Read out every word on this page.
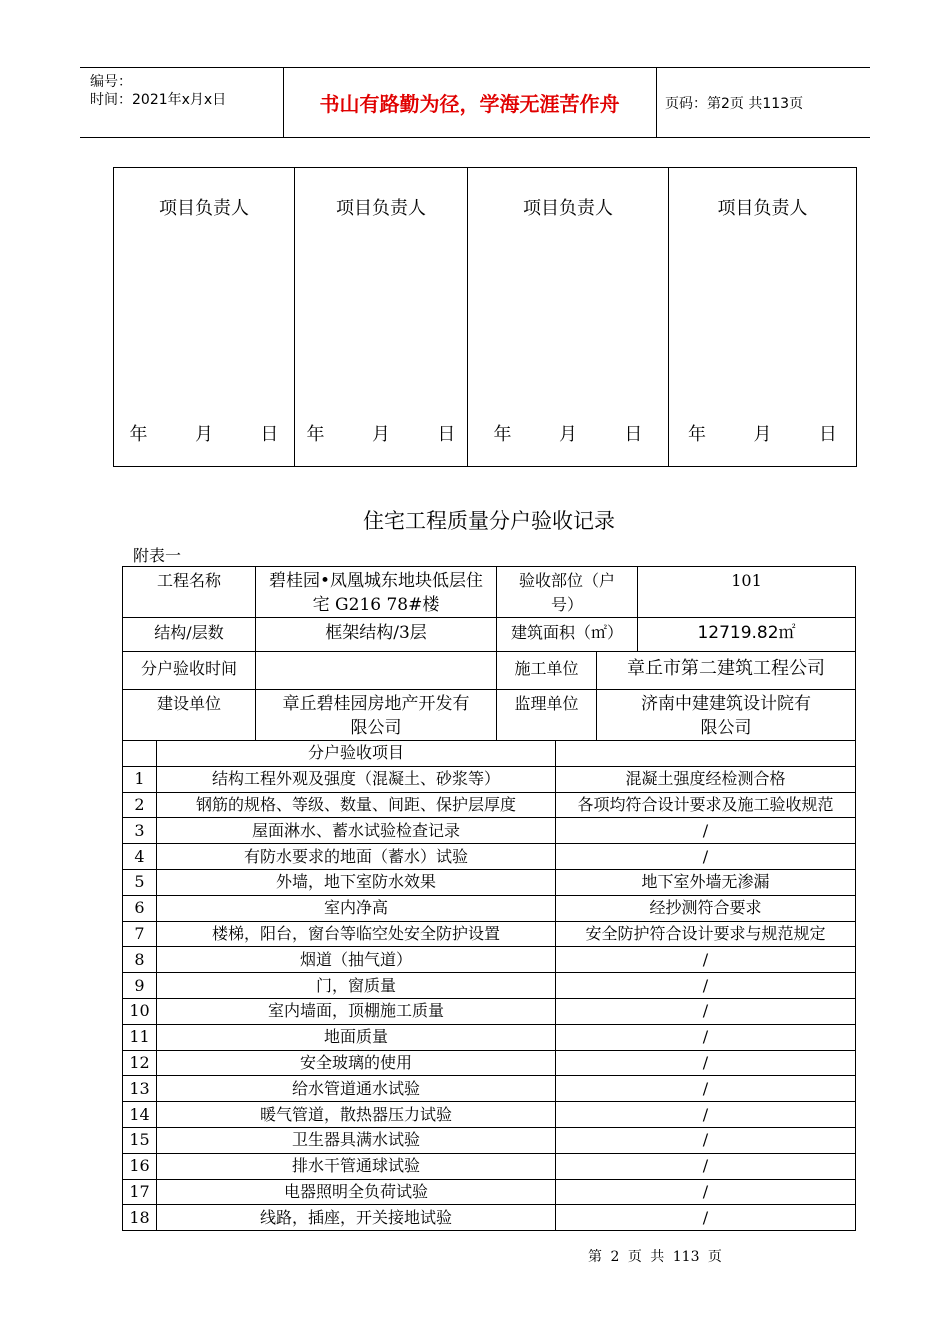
编号：
时间：2021年x月x日	书山有路勤为径，学海无涯苦作舟	页码：第2页 共113页
项目负责人
年  月  日

项目负责人
年  月  日

项目负责人
年  月  日

项目负责人
年  月  日
住宅工程质量分户验收记录
附表一
工程名称	碧桂园•凤凰城东地块低层住宅 G216 78#楼	验收部位（户号）	101
结构/层数	框架结构/3层	建筑面积（㎡）	12719.82㎡
分户验收时间		施工单位	章丘市第二建筑工程公司
建设单位	章丘碧桂园房地产开发有限公司	监理单位	济南中建建筑设计院有限公司
	分户验收项目	
1	结构工程外观及强度（混凝土、砂浆等）	混凝土强度经检测合格
2	钢筋的规格、等级、数量、间距、保护层厚度	各项均符合设计要求及施工验收规范
3	屋面淋水、蓄水试验检查记录	/
4	有防水要求的地面（蓄水）试验	/
5	外墙，地下室防水效果	地下室外墙无渗漏
6	室内净高	经抄测符合要求
7	楼梯，阳台，窗台等临空处安全防护设置	安全防护符合设计要求与规范规定
8	烟道（抽气道）	/
9	门，窗质量	/
10	室内墙面，顶棚施工质量	/
11	地面质量	/
12	安全玻璃的使用	/
13	给水管道通水试验	/
14	暖气管道，散热器压力试验	/
15	卫生器具满水试验	/
16	排水干管通球试验	/
17	电器照明全负荷试验	/
18	线路，插座，开关接地试验	/
第 2 页 共 113 页
